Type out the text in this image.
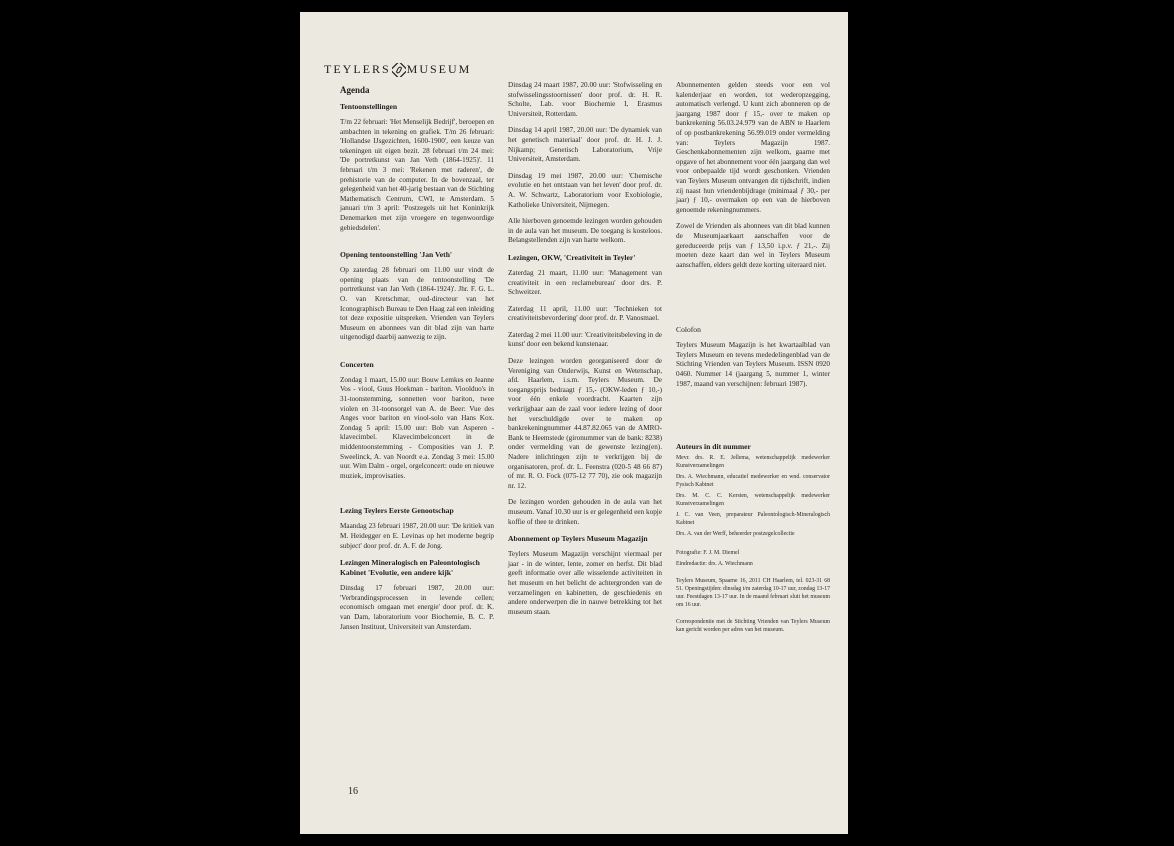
TEYLERS MUSEUM
Agenda
Tentoonstellingen

T/m 22 februari: 'Het Menselijk Bedrijf', beroepen en ambachten in tekening en grafiek. T/m 26 februari: 'Hollandse IJsgezichten, 1600-1900', een keuze van tekeningen uit eigen bezit. 28 februari t/m 24 mei: 'De portretkunst van Jan Veth (1864-1925)'. 11 februari t/m 3 mei: 'Rekenen met raderen', de prehistorie van de computer. In de bovenzaal, ter gelegenheid van het 40-jarig bestaan van de Stichting Mathematisch Centrum, CWI, te Amsterdam. 5 januari t/m 3 april: 'Postzegels uit het Koninkrijk Denemarken met zijn vroegere en tegenwoordige gebiedsdelen'.

Opening tentoonstelling 'Jan Veth'

Op zaterdag 28 februari om 11.00 uur vindt de opening plaats van de tentoonstelling 'De portretkunst van Jan Veth (1864-1924)'. Jhr. F. G. L. O. van Kretschmar, oud-directeur van het Iconographisch Bureau te Den Haag zal een inleiding tot deze expositie uitspreken. Vrienden van Teylers Museum en abonnees van dit blad zijn van harte uitgenodigd daarbij aanwezig te zijn.

Concerten

Zondag 1 maart, 15.00 uur: Bouw Lemkes en Jeanne Vos - viool, Guus Hoekman - bariton. Vioolduo's in 31-toonstemming, sonnetten voor bariton, twee violen en 31-toonsorgel van A. de Beer: Vue des Anges voor bariton en viool-solo van Hans Kox. Zondag 5 april: 15.00 uur: Bob van Asperen - klavecimbel. Klavecimbelconcert in de middentoonstemming - Composities van J. P. Sweelinck, A. van Noordt e.a. Zondag 3 mei: 15.00 uur. Wim Dalm - orgel, orgelconcert: oude en nieuwe muziek, improvisaties.

Lezing Teylers Eerste Genootschap

Maandag 23 februari 1987, 20.00 uur: 'De kritiek van M. Heidegger en E. Levinas op het moderne begrip subject' door prof. dr. A. F. de Jong.

Lezingen Mineralogisch en Paleontologisch Kabinet 'Evolutie, een andere kijk'

Dinsdag 17 februari 1987, 20.00 uur: 'Verbrandingsprocessen in levende cellen; economisch omgaan met energie' door prof. dr. K. van Dam, laboratorium voor Biochemie, B. C. P. Jansen Instituut, Universiteit van Amsterdam.

Dinsdag 24 maart 1987, 20.00 uur: 'Stofwisseling en stofwisselingsstoornissen' door prof. dr. H. R. Scholte, Lab. voor Biochemie I, Erasmus Universiteit, Rotterdam.

Dinsdag 14 april 1987, 20.00 uur: 'De dynamiek van het genetisch materiaal' door prof. dr. H. J. J. Nijkamp; Genetisch Laboratorium, Vrije Universiteit, Amsterdam.

Dinsdag 19 mei 1987, 20.00 uur: 'Chemische evolutie en het ontstaan van het leven' door prof. dr. A. W. Schwartz, Laboratorium voor Exobiologie, Katholieke Universiteit, Nijmegen.

Alle hierboven genoemde lezingen worden gehouden in de aula van het museum. De toegang is kosteloos. Belangstellenden zijn van harte welkom.

Lezingen, OKW, 'Creativiteit in Teyler'

Zaterdag 21 maart, 11.00 uur: 'Management van creativiteit in een reclamebureau' door drs. P. Schweitzer.

Zaterdag 11 april, 11.00 uur: 'Technieken tot creativiteitsbevordering' door prof. dr. P. Vanosmael.

Zaterdag 2 mei 11.00 uur: 'Creativiteitsbeleving in de kunst' door een bekend kunstenaar.

Deze lezingen worden georganiseerd door de Vereniging van Onderwijs, Kunst en Wetenschap, afd. Haarlem, i.s.m. Teylers Museum. De toegangsprijs bedraagt ƒ 15,- (OKW-leden ƒ 10,-) voor één enkele voordracht. Kaarten zijn verkrijgbaar aan de zaal voor iedere lezing of door het verschuldigde over te maken op bankrekeningnummer 44.87.82.065 van de AMRO-Bank te Heemstede (gironummer van de bank: 8238) onder vermelding van de gewenste lezing(en). Nadere inlichtingen zijn te verkrijgen bij de organisatoren, prof. dr. L. Feenstra (020-5 48 66 87) of mr. R. O. Fock (075-12 77 70), zie ook magazijn nr. 12.

De lezingen worden gehouden in de aula van het museum. Vanaf 10.30 uur is er gelegenheid een kopje koffie of thee te drinken.

Abonnement op Teylers Museum Magazijn

Teylers Museum Magazijn verschijnt viermaal per jaar - in de winter, lente, zomer en herfst. Dit blad geeft informatie over alle wisselende activiteiten in het museum en het belicht de achtergronden van de verzamelingen en kabinetten, de geschiedenis en andere onderwerpen die in nauwe betrekking tot het museum staan.

Abonnementen gelden steeds voor een vol kalenderjaar en worden, tot wederopzegging, automatisch verlengd. U kunt zich abonneren op de jaargang 1987 door ƒ 15,- over te maken op bankrekening 56.03.24.979 van de ABN te Haarlem of op postbankrekening 56.99.019 onder vermelding van: Teylers Magazijn 1987. Geschenkabonnementen zijn welkom, gaarne met opgave of het abonnement voor één jaargang dan wel voor onbepaalde tijd wordt geschonken. Vrienden van Teylers Museum ontvangen dit tijdschrift, indien zij naast hun vriendenbijdrage (minimaal ƒ 30,- per jaar) ƒ 10,- overmaken op een van de hierboven genoemde rekeningnummers.

Zowel de Vrienden als abonnees van dit blad kunnen de Museumjaarkaart aanschaffen voor de gereduceerde prijs van ƒ 13,50 i.p.v. ƒ 21,-. Zij moeten deze kaart dan wel in Teylers Museum aanschaffen, elders geldt deze korting uiteraard niet.

Colofon

Teylers Museum Magazijn is het kwartaalblad van Teylers Museum en tevens mededelingenblad van de Stichting Vrienden van Teylers Museum. ISSN 0920 0460. Nummer 14 (jaargang 5, nummer 1, winter 1987, maand van verschijnen: februari 1987).

Auteurs in dit nummer

Mevr. drs. R. E. Jellema, wetenschappelijk medewerker Kunstverzamelingen

Drs. A. Wiechmann, educatief medewerker en wnd. conservator Fysisch Kabinet

Drs. M. C. C. Kersten, wetenschappelijk medewerker Kunstverzamelingen

J. C. van Veen, preparateur Paleontologisch-Mineralogisch Kabinet

Drs. A. van der Werff, beheerder postzegelcollectie

Fotografie: F. J. M. Diemel

Eindredactie: drs. A. Wiechmann

Teylers Museum, Spaarne 16, 2011 CH Haarlem, tel. 023-31 68 51. Openingstijden: dinsdag t/m zaterdag 10-17 uur, zondag 13-17 uur. Feestdagen 13-17 uur. In de maand februari sluit het museum om 16 uur.

Correspondentie met de Stichting Vrienden van Teylers Museum kan gericht worden per adres van het museum.

16
